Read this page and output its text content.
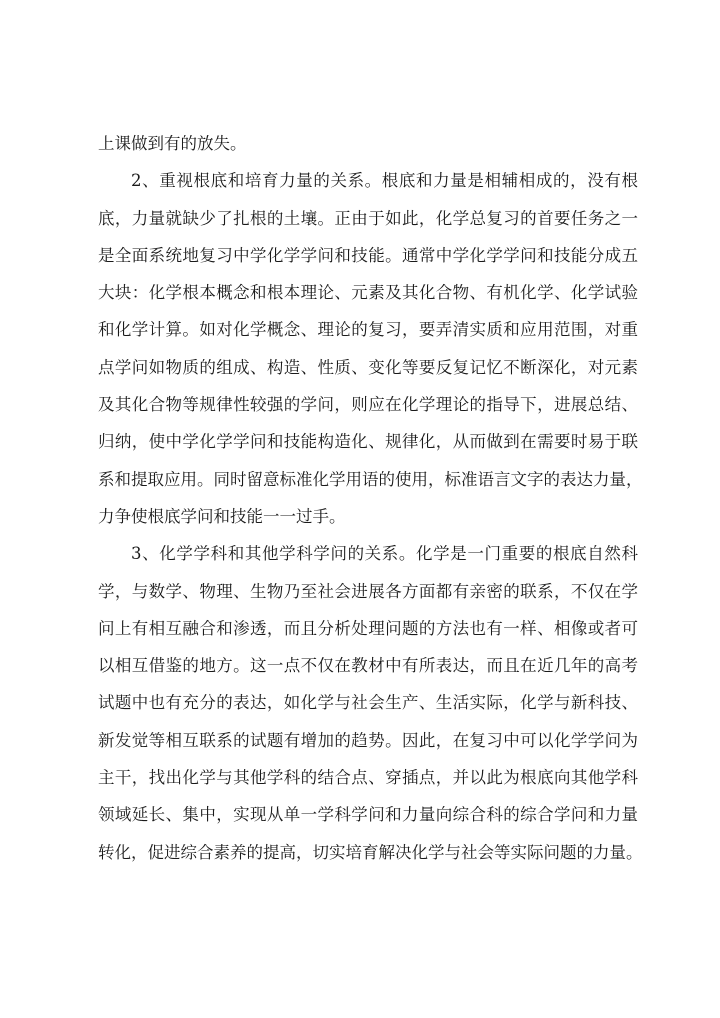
上课做到有的放失。
2、重视根底和培育力量的关系。根底和力量是相辅相成的，没有根
底，力量就缺少了扎根的土壤。正由于如此，化学总复习的首要任务之一
是全面系统地复习中学化学学问和技能。通常中学化学学问和技能分成五
大块：化学根本概念和根本理论、元素及其化合物、有机化学、化学试验
和化学计算。如对化学概念、理论的复习，要弄清实质和应用范围，对重
点学问如物质的组成、构造、性质、变化等要反复记忆不断深化，对元素
及其化合物等规律性较强的学问，则应在化学理论的指导下，进展总结、
归纳，使中学化学学问和技能构造化、规律化，从而做到在需要时易于联
系和提取应用。同时留意标准化学用语的使用，标准语言文字的表达力量，
力争使根底学问和技能一一过手。
3、化学学科和其他学科学问的关系。化学是一门重要的根底自然科
学，与数学、物理、生物乃至社会进展各方面都有亲密的联系，不仅在学
问上有相互融合和渗透，而且分析处理问题的方法也有一样、相像或者可
以相互借鉴的地方。这一点不仅在教材中有所表达，而且在近几年的高考
试题中也有充分的表达，如化学与社会生产、生活实际，化学与新科技、
新发觉等相互联系的试题有增加的趋势。因此，在复习中可以化学学问为
主干，找出化学与其他学科的结合点、穿插点，并以此为根底向其他学科
领域延长、集中，实现从单一学科学问和力量向综合科的综合学问和力量
转化，促进综合素养的提高，切实培育解决化学与社会等实际问题的力量。
